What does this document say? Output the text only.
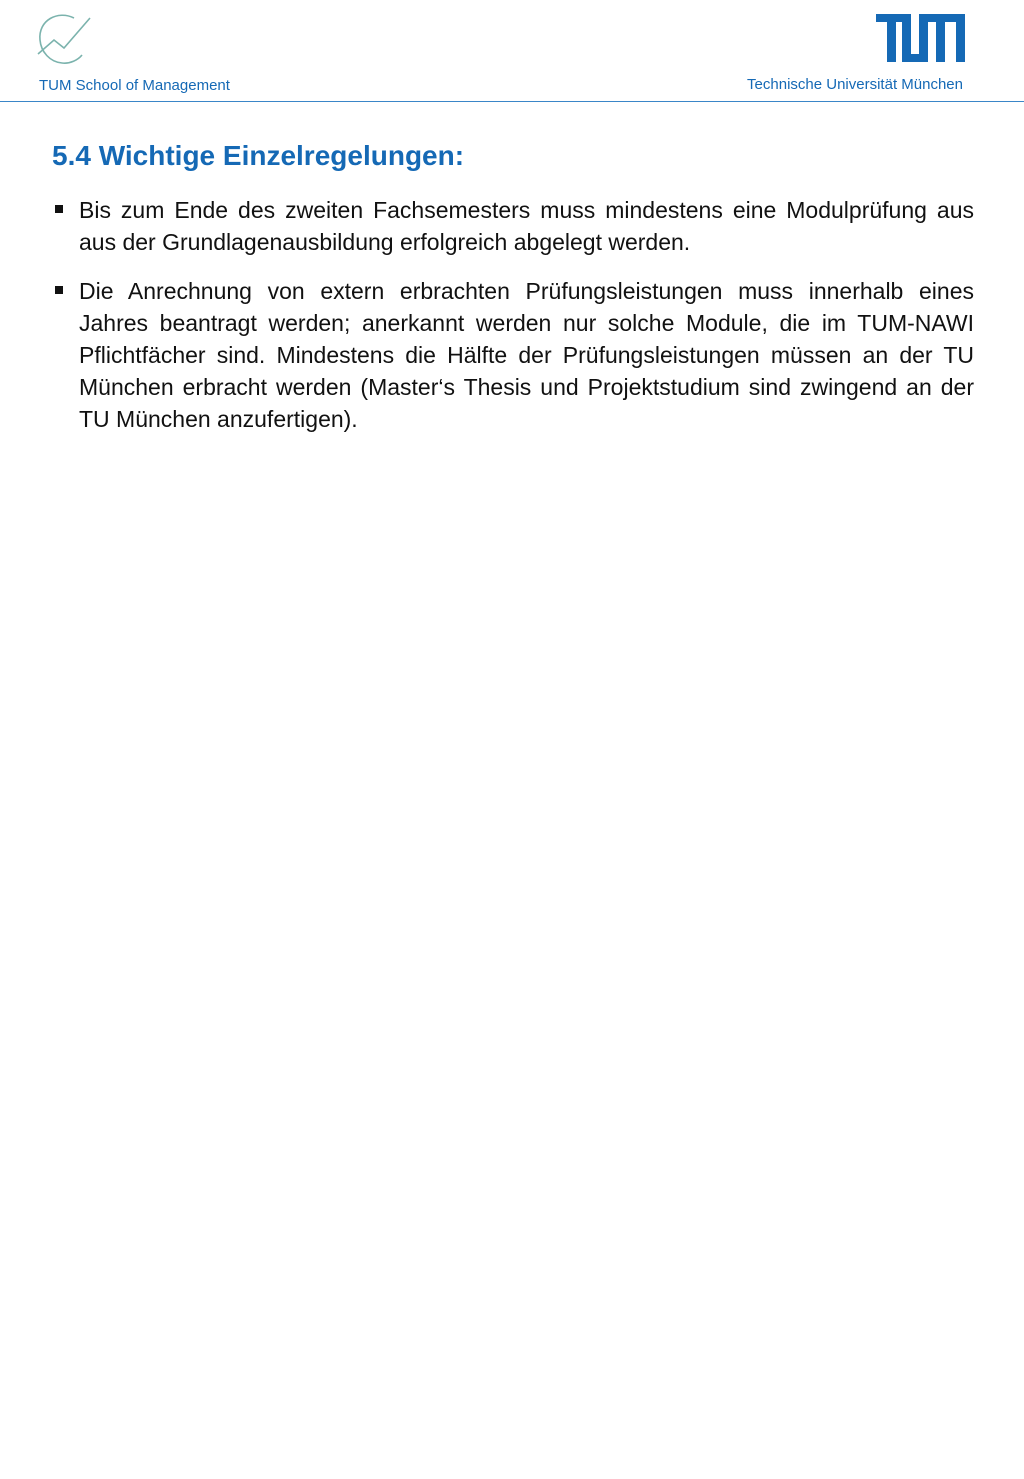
TUM School of Management	Technische Universität München
5.4 Wichtige Einzelregelungen:
Bis zum Ende des zweiten Fachsemesters muss mindestens eine Modulprüfung aus aus der Grundlagenausbildung erfolgreich abgelegt werden.
Die Anrechnung von extern erbrachten Prüfungsleistungen muss innerhalb eines Jahres beantragt werden; anerkannt werden nur solche Module, die im TUM-NAWI Pflichtfächer sind. Mindestens die Hälfte der Prüfungsleistungen müssen an der TU München erbracht werden (Master‘s Thesis und Projektstudium sind zwingend an der TU München anzufertigen).
